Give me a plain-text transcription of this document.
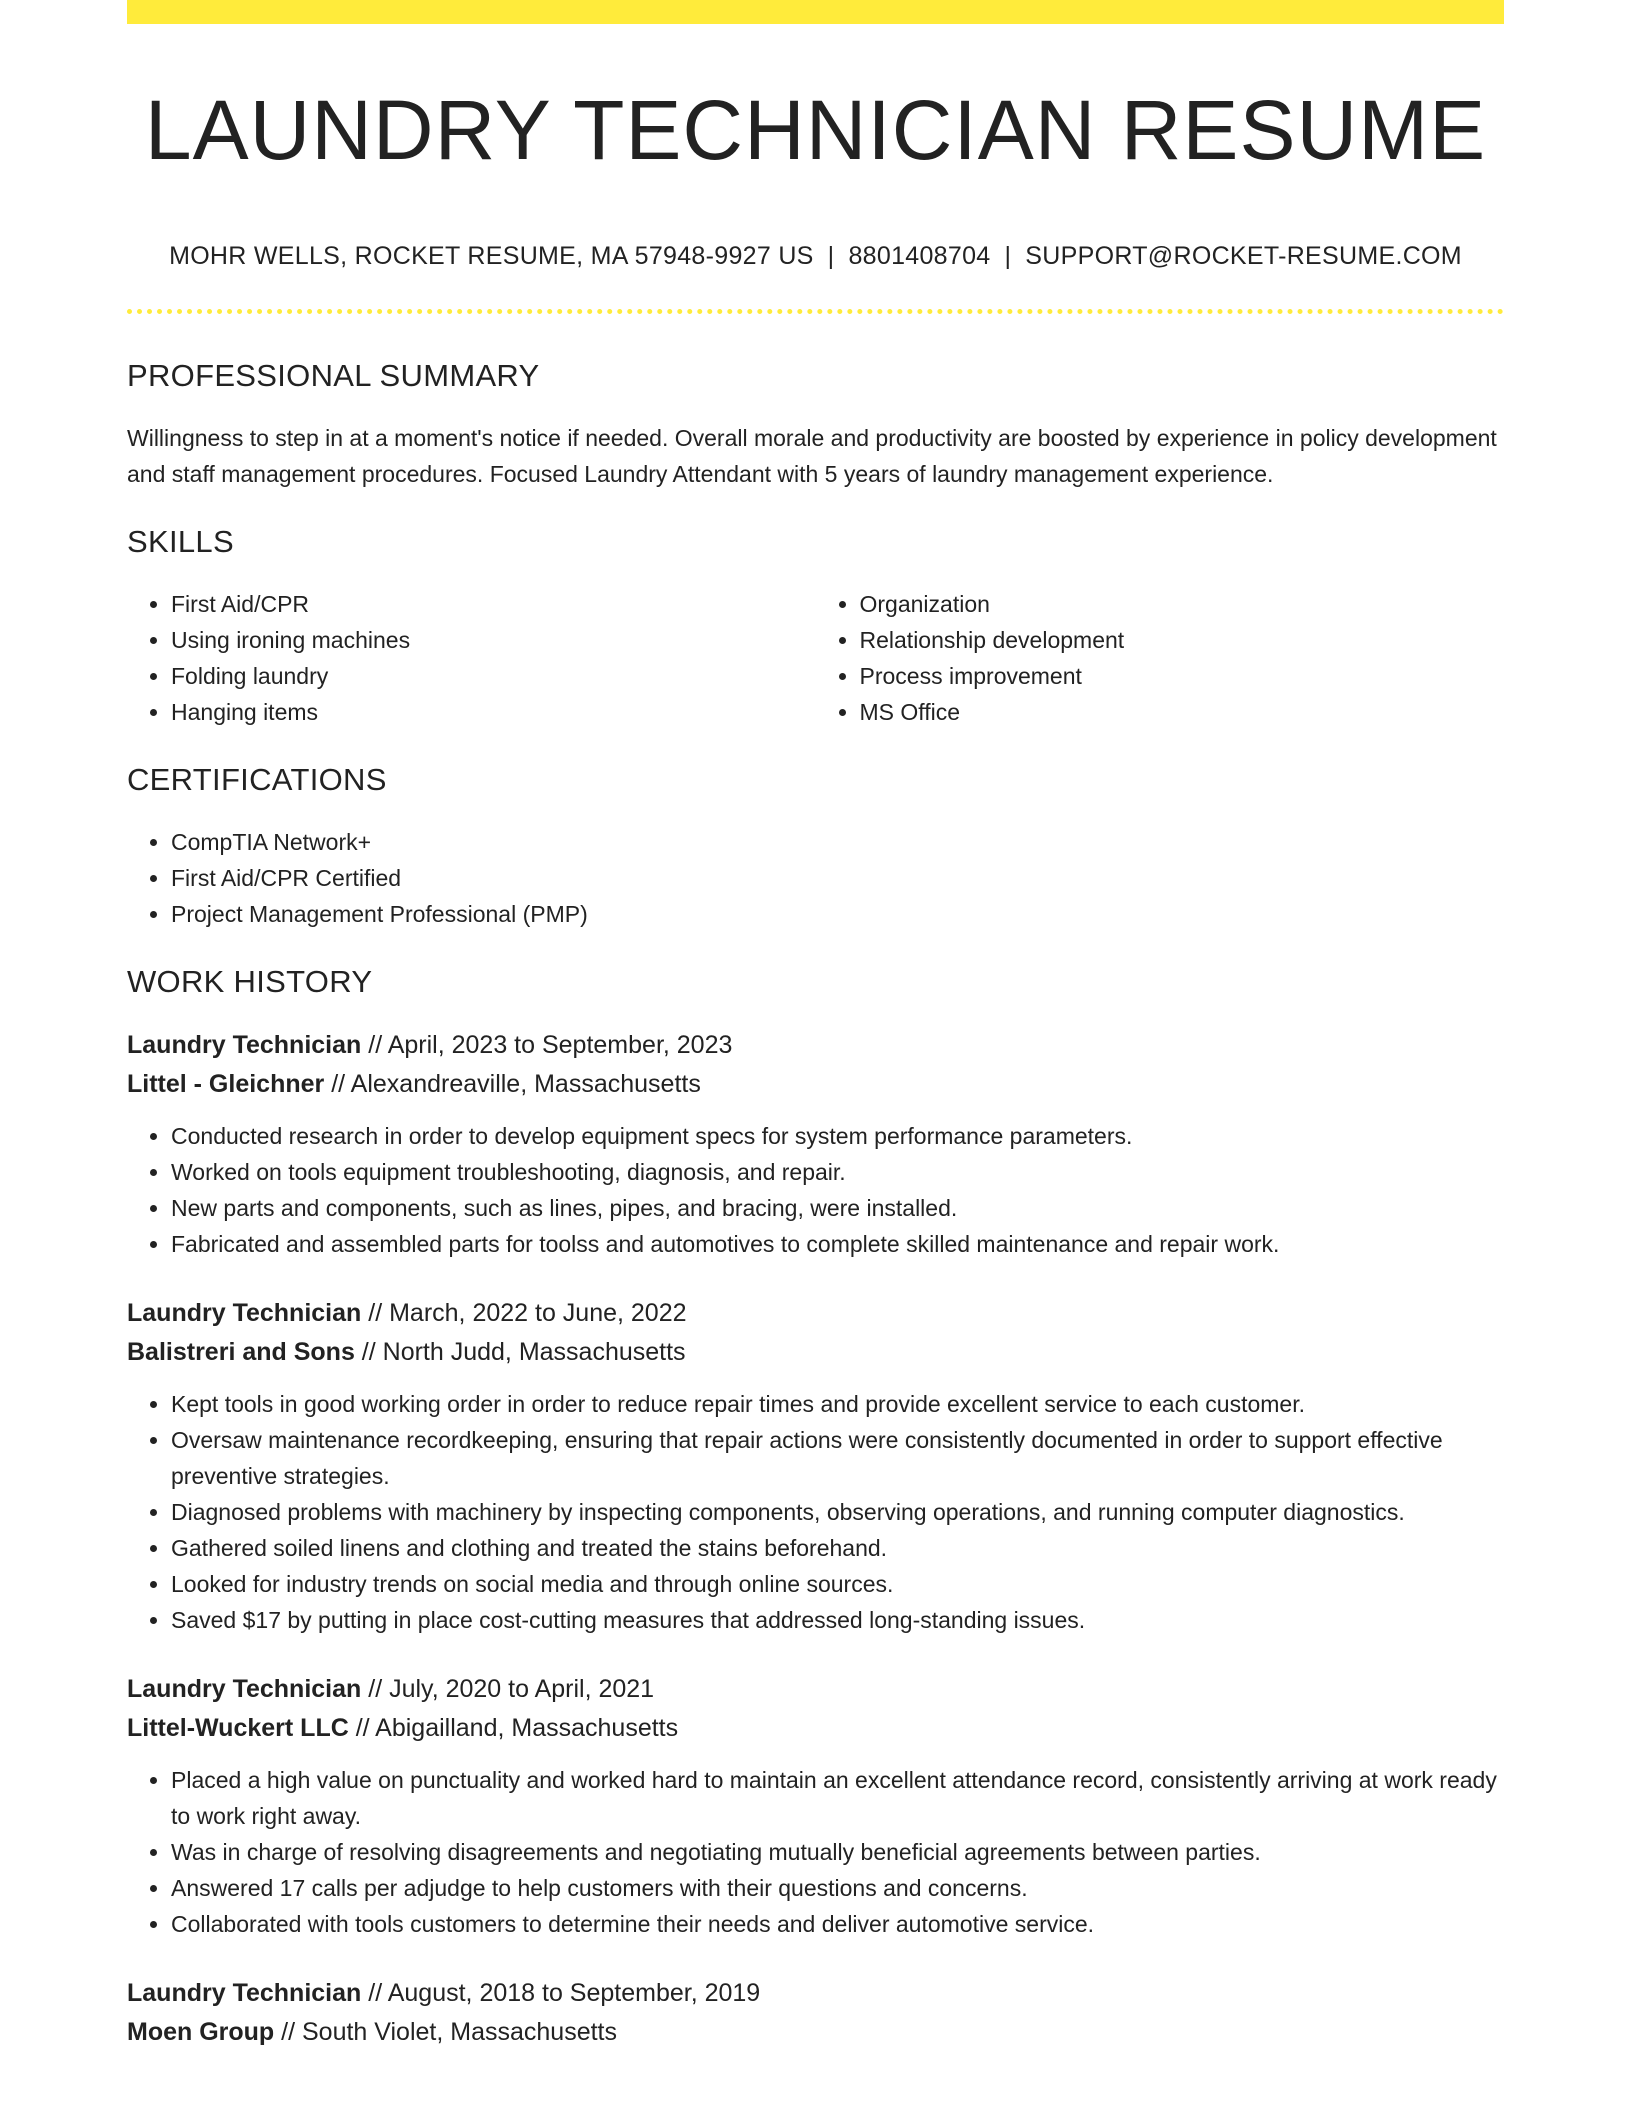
LAUNDRY TECHNICIAN RESUME
MOHR WELLS, ROCKET RESUME, MA 57948-9927 US | 8801408704 | SUPPORT@ROCKET-RESUME.COM
PROFESSIONAL SUMMARY

Willingness to step in at a moment's notice if needed. Overall morale and productivity are boosted by experience in policy development and staff management procedures. Focused Laundry Attendant with 5 years of laundry management experience.

SKILLS
• First Aid/CPR
• Using ironing machines
• Folding laundry
• Hanging items
• Organization
• Relationship development
• Process improvement
• MS Office
CERTIFICATIONS
• CompTIA Network+
• First Aid/CPR Certified
• Project Management Professional (PMP)
WORK HISTORY
Laundry Technician // April, 2023 to September, 2023
Littel - Gleichner // Alexandreaville, Massachusetts
• Conducted research in order to develop equipment specs for system performance parameters.
• Worked on tools equipment troubleshooting, diagnosis, and repair.
• New parts and components, such as lines, pipes, and bracing, were installed.
• Fabricated and assembled parts for toolss and automotives to complete skilled maintenance and repair work.
Laundry Technician // March, 2022 to June, 2022
Balistreri and Sons // North Judd, Massachusetts
• Kept tools in good working order in order to reduce repair times and provide excellent service to each customer.
• Oversaw maintenance recordkeeping, ensuring that repair actions were consistently documented in order to support effective preventive strategies.
• Diagnosed problems with machinery by inspecting components, observing operations, and running computer diagnostics.
• Gathered soiled linens and clothing and treated the stains beforehand.
• Looked for industry trends on social media and through online sources.
• Saved $17 by putting in place cost-cutting measures that addressed long-standing issues.
Laundry Technician // July, 2020 to April, 2021
Littel-Wuckert LLC // Abigailland, Massachusetts
• Placed a high value on punctuality and worked hard to maintain an excellent attendance record, consistently arriving at work ready to work right away.
• Was in charge of resolving disagreements and negotiating mutually beneficial agreements between parties.
• Answered 17 calls per adjudge to help customers with their questions and concerns.
• Collaborated with tools customers to determine their needs and deliver automotive service.
Laundry Technician // August, 2018 to September, 2019
Moen Group // South Violet, Massachusetts
